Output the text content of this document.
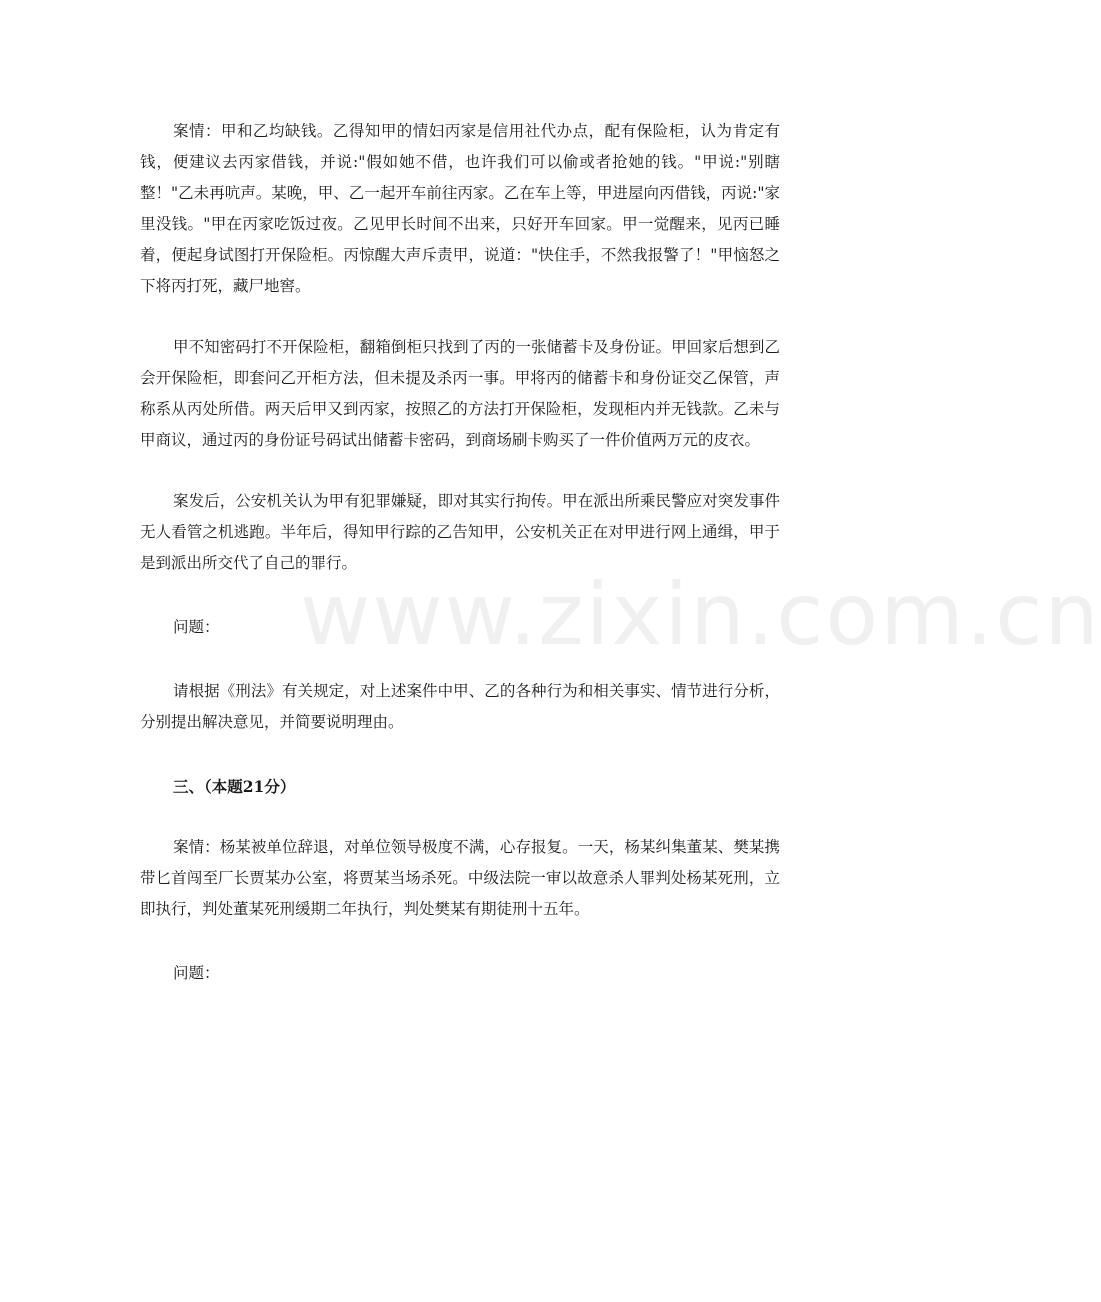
www.zixin.com.cn

案情：甲和乙均缺钱。乙得知甲的情妇丙家是信用社代办点，配有保险柜，认为肯定有钱，便建议去丙家借钱，并说:"假如她不借，也许我们可以偷或者抢她的钱。"甲说:"别瞎整！"乙未再吭声。某晚，甲、乙一起开车前往丙家。乙在车上等，甲进屋向丙借钱，丙说:"家里没钱。"甲在丙家吃饭过夜。乙见甲长时间不出来，只好开车回家。甲一觉醒来，见丙已睡着，便起身试图打开保险柜。丙惊醒大声斥责甲，说道："快住手，不然我报警了！"甲恼怒之下将丙打死，藏尸地窖。

甲不知密码打不开保险柜，翻箱倒柜只找到了丙的一张储蓄卡及身份证。甲回家后想到乙会开保险柜，即套问乙开柜方法，但未提及杀丙一事。甲将丙的储蓄卡和身份证交乙保管，声称系从丙处所借。两天后甲又到丙家，按照乙的方法打开保险柜，发现柜内并无钱款。乙未与甲商议，通过丙的身份证号码试出储蓄卡密码，到商场刷卡购买了一件价值两万元的皮衣。

案发后，公安机关认为甲有犯罪嫌疑，即对其实行拘传。甲在派出所乘民警应对突发事件无人看管之机逃跑。半年后，得知甲行踪的乙告知甲，公安机关正在对甲进行网上通缉，甲于是到派出所交代了自己的罪行。

问题：

请根据《刑法》有关规定，对上述案件中甲、乙的各种行为和相关事实、情节进行分析，分别提出解决意见，并简要说明理由。

三、（本题21分）

案情：杨某被单位辞退，对单位领导极度不满，心存报复。一天，杨某纠集董某、樊某携带匕首闯至厂长贾某办公室，将贾某当场杀死。中级法院一审以故意杀人罪判处杨某死刑，立即执行，判处董某死刑缓期二年执行，判处樊某有期徒刑十五年。

问题：
